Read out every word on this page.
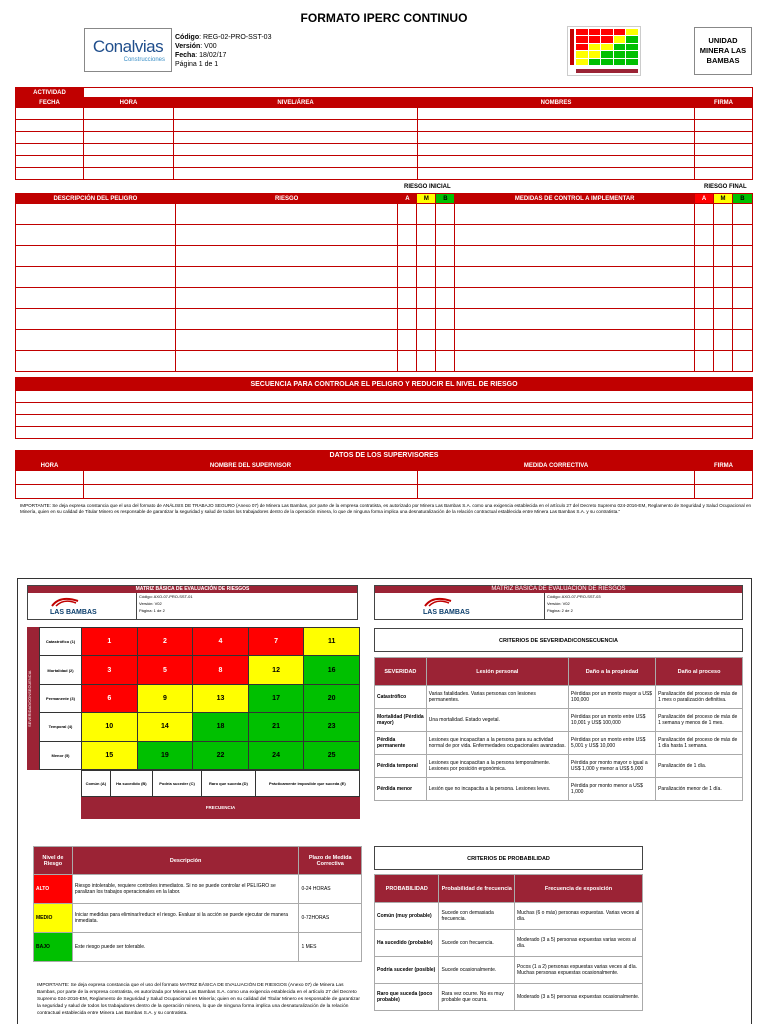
FORMATO IPERC CONTINUO
Conalvias
Construcciones
Código: REG-02-PRO-SST-03
Versión: V00
Fecha: 18/02/17
Página 1 de 1
UNIDAD MINERA LAS BAMBAS
ACTIVIDAD				
FECHA	HORA	NIVEL/ÁREA	NOMBRES	FIRMA

RIESGO INICIAL	RIESGO FINAL
DESCRIPCIÓN DEL PELIGRO	RIESGO	A	M	B	MEDIDAS DE CONTROL A IMPLEMENTAR	A	M	B

SECUENCIA PARA CONTROLAR EL PELIGRO Y REDUCIR EL NIVEL DE RIESGO

DATOS DE LOS SUPERVISORES			
HORA	NOMBRE DEL SUPERVISOR	MEDIDA CORRECTIVA	FIRMA

IMPORTANTE: Se deja expresa constancia que el uso del formato de ANÁLISIS DE TRABAJO SEGURO (Anexo 07) de Minera Las Bambas, por parte de la empresa contratista, es autorizado por Minera Las Bambas S.A. como una exigencia establecida en el artículo 27 del Decreto Supremo 024-2016-EM, Reglamento de Seguridad y Salud Ocupacional en Minería, quien en su calidad de Titular Minero es responsable de garantizar la seguridad y salud de todos los trabajadores dentro de la operación minera, lo que de ninguna forma implica una desnaturalización de la relación contractual establecida entre Minera Las Bambas S.A. y su contratista."
MATRIZ BÁSICA DE EVALUACIÓN DE RIESGOS
LAS BAMBAS
Código: AXO-07-PRO-SST-01
Versión: V02
Página: 1 de 2
MATRIZ BASICA DE EVALUACION DE RIESGOS
LAS BAMBAS
Código: AXO-07-PRO-SST-03
Versión: V02
Página: 2 de 2
SEVERIDAD/CONSECUENCIA
Catastrófico (1)	1	2	4	7	11
Mortalidad (2)	3	5	8	12	16
Permanente (3)	6	9	13	17	20
Temporal (4)	10	14	18	21	23
Menor (5)	15	19	22	24	25
Común (A)	Ha sucedido (B)	Podría suceder (C)	Raro que suceda (D)	Prácticamente imposible que suceda (E)
FRECUENCIA
CRITERIOS DE SEVERIDAD/CONSECUENCIA
SEVERIDAD	Lesión personal	Daño a la propiedad	Daño al proceso
Catastrófico	Varias fatalidades. Varias personas con lesiones permanentes.	Pérdidas por un monto mayor a US$ 100,000	Paralización del proceso de más de 1 mes o paralización definitiva.
Mortalidad (Pérdida mayor)	Una mortalidad. Estado vegetal.	Pérdidas por un monto entre US$ 10,001 y US$ 100,000	Paralización del proceso de más de 1 semana y menos de 1 mes.
Pérdida permanente	Lesiones que incapacitan a la persona para su actividad normal de por vida. Enfermedades ocupacionales avanzadas.	Pérdidas por un monto entre US$ 5,001 y US$ 10,000	Paralización del proceso de más de 1 día hasta 1 semana.
Pérdida temporal	Lesiones que incapacitan a la persona temporalmente. Lesiones por posición ergonómica.	Pérdida por monto mayor o igual a US$ 1,000 y menor a US$ 5,000	Paralización de 1 día.
Pérdida menor	Lesión que no incapacita a la persona. Lesiones leves.	Pérdida por monto menor a US$ 1,000	Paralización menor de 1 día.
Nivel de Riesgo	Descripción	Plazo de Medida Correctiva
ALTO	Riesgo intolerable, requiere controles inmediatos. Si no se puede controlar el PELIGRO se paralizan los trabajos operacionales en la labor.	0-24 HORAS
MEDIO	Iniciar medidas para eliminar/reducir el riesgo. Evaluar si la acción se puede ejecutar de manera inmediata.	0-72HORAS
BAJO	Este riesgo puede ser tolerable.	1 MES
CRITERIOS DE PROBABILIDAD
PROBABILIDAD	Probabilidad de frecuencia	Frecuencia de exposición
Común (muy probable)	Sucede con demasiada frecuencia.	Muchas (6 o más) personas expuestas. Varias veces al día.
Ha sucedido (probable)	Sucede con frecuencia.	Moderado (3 a 5) personas expuestas varias veces al día.
Podría suceder (posible)	Sucede ocasionalmente.	Pocos (1 a 2) personas expuestas varias veces al día. Muchas personas expuestas ocasionalmente.
Raro que suceda (poco probable)	Rara vez ocurre. No es muy probable que ocurra.	Moderado (3 a 5) personas expuestas ocasionalmente.
IMPORTANTE: Se deja expresa constancia que el uso del formato MATRIZ BÁSICA DE EVALUACIÓN DE RIESGOS (Anexo 07) de Minera Las Bambas, por parte de la empresa contratista, es autorizada por Minera Las Bambas S.A. como una exigencia establecida en el artículo 27 del Decreto Supremo 024-2016-EM, Reglamento de Seguridad y Salud Ocupacional en Minería; quien en su calidad del Titular Minero es responsable de garantizar la seguridad y salud de todos los trabajadores dentro de la operación minera, lo que de ninguna forma implica una desnaturalización de la relación contractual establecida entre Minera Las Bambas S.A. y su contratista.
